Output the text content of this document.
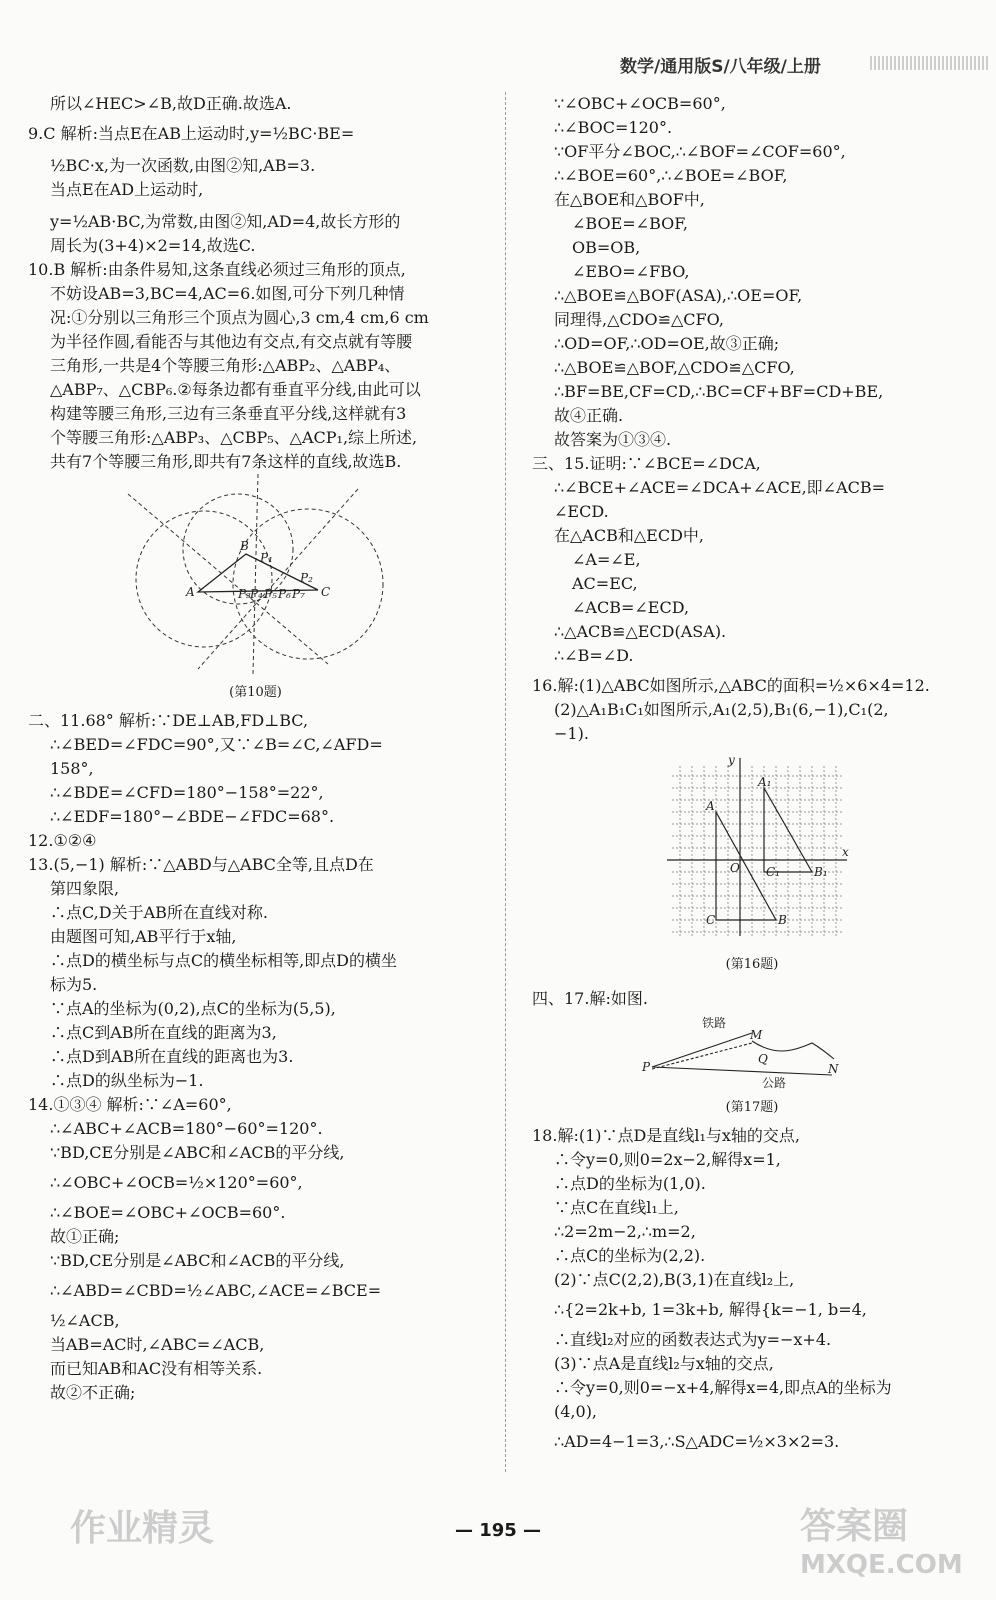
数学/通用版S/八年级/上册
所以∠HEC>∠B,故D正确.故选A.
9.C 解析:当点E在AB上运动时,y=½BC·BE=
½BC·x,为一次函数,由图②知,AB=3.
当点E在AD上运动时,
y=½AB·BC,为常数,由图②知,AD=4,故长方形的
周长为(3+4)×2=14,故选C.
10.B 解析:由条件易知,这条直线必须过三角形的顶点,
不妨设AB=3,BC=4,AC=6.如图,可分下列几种情
况:①分别以三角形三个顶点为圆心,3 cm,4 cm,6 cm
为半径作圆,看能否与其他边有交点,有交点就有等腰
三角形,一共是4个等腰三角形:△ABP₂、△ABP₄、
△ABP₇、△CBP₆.②每条边都有垂直平分线,由此可以
构建等腰三角形,三边有三条垂直平分线,这样就有3
个等腰三角形:△ABP₃、△CBP₅、△ACP₁,综上所述,
共有7个等腰三角形,即共有7条这样的直线,故选B.
B
A	C
P₁
P₂
P₃ P₄ P₅ P₆ P₇
(第10题)
二、11.68° 解析:∵DE⊥AB,FD⊥BC,
∴∠BED=∠FDC=90°,又∵∠B=∠C,∠AFD=
158°,
∴∠BDE=∠CFD=180°−158°=22°,
∴∠EDF=180°−∠BDE−∠FDC=68°.
12.①②④
13.(5,−1) 解析:∵△ABD与△ABC全等,且点D在
第四象限,
∴点C,D关于AB所在直线对称.
由题图可知,AB平行于x轴,
∴点D的横坐标与点C的横坐标相等,即点D的横坐
标为5.
∵点A的坐标为(0,2),点C的坐标为(5,5),
∴点C到AB所在直线的距离为3,
∴点D到AB所在直线的距离也为3.
∴点D的纵坐标为−1.
14.①③④ 解析:∵∠A=60°,
∴∠ABC+∠ACB=180°−60°=120°.
∵BD,CE分别是∠ABC和∠ACB的平分线,
∴∠OBC+∠OCB=½×120°=60°,
∴∠BOE=∠OBC+∠OCB=60°.
故①正确;
∵BD,CE分别是∠ABC和∠ACB的平分线,
∴∠ABD=∠CBD=½∠ABC,∠ACE=∠BCE=
½∠ACB,
当AB=AC时,∠ABC=∠ACB,
而已知AB和AC没有相等关系.
故②不正确;
∵∠OBC+∠OCB=60°,
∴∠BOC=120°.
∵OF平分∠BOC,∴∠BOF=∠COF=60°,
∴∠BOE=60°,∴∠BOE=∠BOF,
在△BOE和△BOF中,
∠BOE=∠BOF,
OB=OB,
∠EBO=∠FBO,
∴△BOE≌△BOF(ASA),∴OE=OF,
同理得,△CDO≌△CFO,
∴OD=OF,∴OD=OE,故③正确;
∴△BOE≌△BOF,△CDO≌△CFO,
∴BF=BE,CF=CD,∴BC=CF+BF=CD+BE,
故④正确.
故答案为①③④.
三、15.证明:∵∠BCE=∠DCA,
∴∠BCE+∠ACE=∠DCA+∠ACE,即∠ACB=
∠ECD.
在△ACB和△ECD中,
∠A=∠E,
AC=EC,
∠ACB=∠ECD,
∴△ACB≌△ECD(ASA).
∴∠B=∠D.
16.解:(1)△ABC如图所示,△ABC的面积=½×6×4=12.
(2)△A₁B₁C₁如图所示,A₁(2,5),B₁(6,−1),C₁(2,
−1).
y
x
O
A
A₁
B
B₁
C
C₁
(第16题)
四、17.解:如图.
铁路
公路
M
N
P
Q
(第17题)
18.解:(1)∵点D是直线l₁与x轴的交点,
∴令y=0,则0=2x−2,解得x=1,
∴点D的坐标为(1,0).
∵点C在直线l₁上,
∴2=2m−2,∴m=2,
∴点C的坐标为(2,2).
(2)∵点C(2,2),B(3,1)在直线l₂上,
∴{2=2k+b, 1=3k+b, 解得{k=−1, b=4,
∴直线l₂对应的函数表达式为y=−x+4.
(3)∵点A是直线l₂与x轴的交点,
∴令y=0,则0=−x+4,解得x=4,即点A的坐标为
(4,0),
∴AD=4−1=3,∴S△ADC=½×3×2=3.
— 195 —
作业精灵	答案圈
MXQE.COM
